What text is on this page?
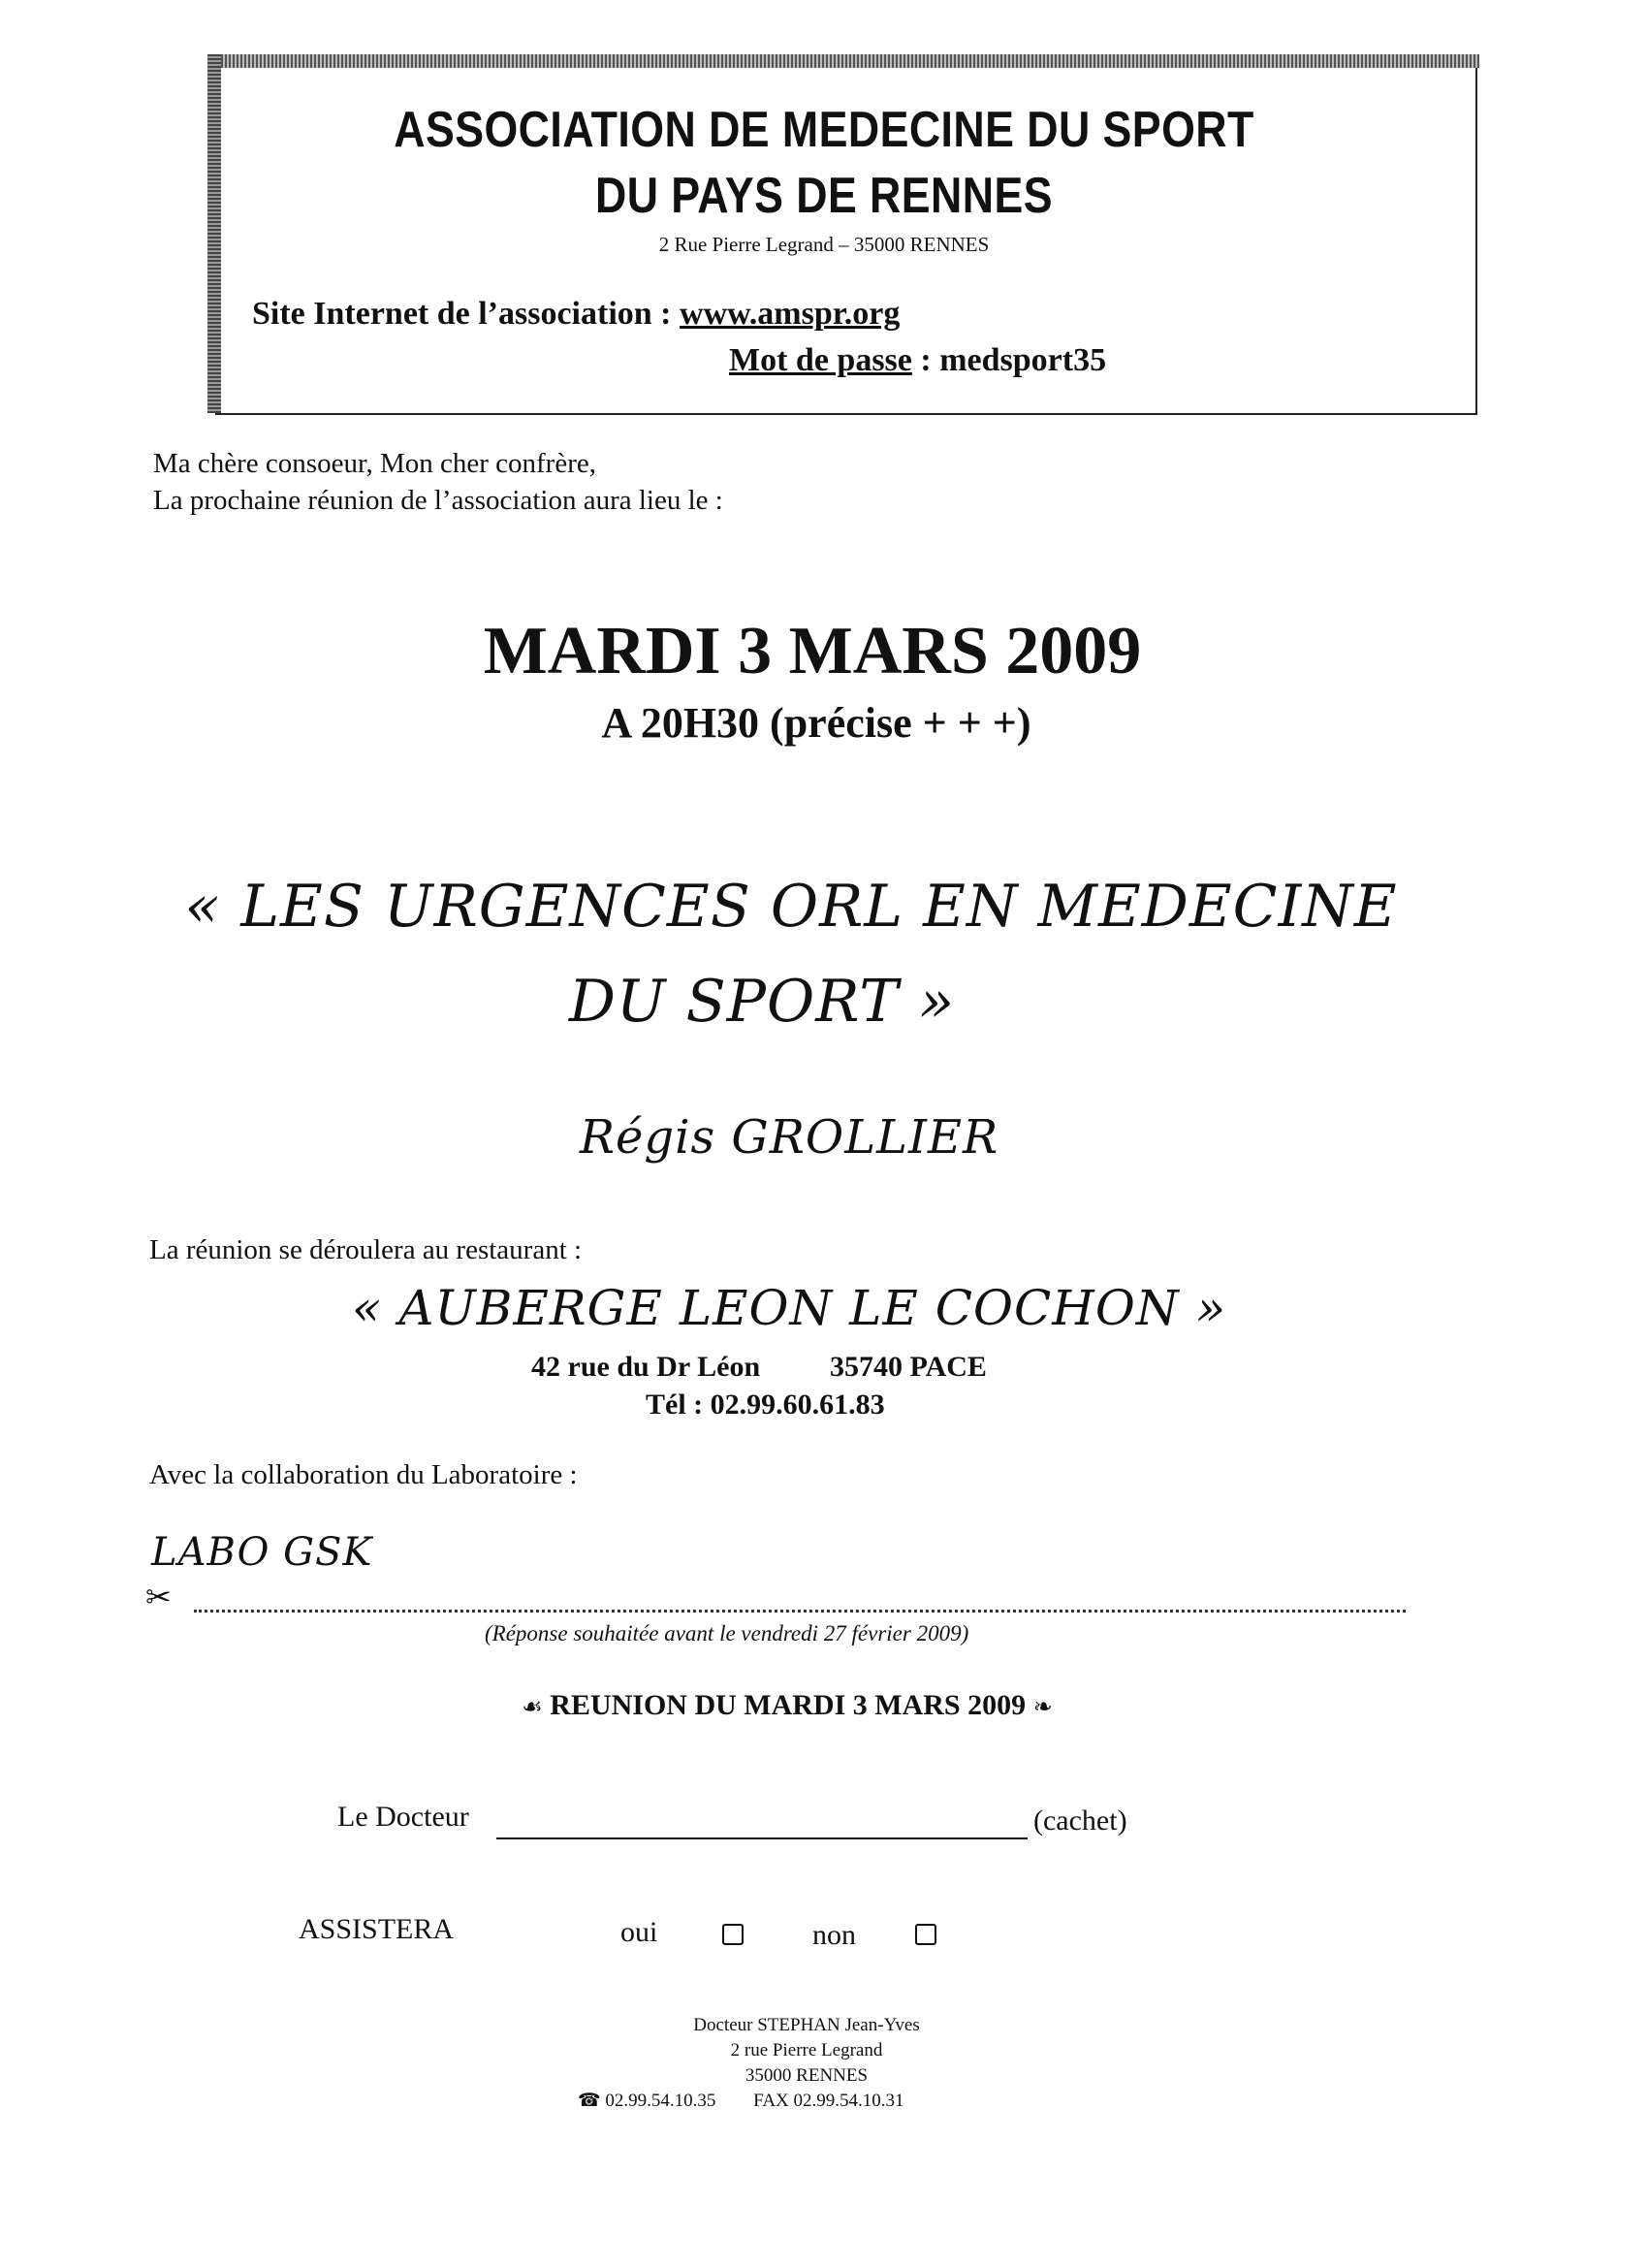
ASSOCIATION DE MEDECINE DU SPORT
DU PAYS DE RENNES
2 Rue Pierre Legrand – 35000 RENNES
Site Internet de l’association : www.amspr.org
Mot de passe : medsport35
Ma chère consoeur, Mon cher confrère,
La prochaine réunion de l’association aura lieu le :
MARDI 3 MARS 2009
A 20H30 (précise + + +)
« LES URGENCES ORL EN MEDECINE
DU SPORT »
Régis GROLLIER
La réunion se déroulera au restaurant :
« AUBERGE LEON LE COCHON »
42 rue du Dr Léon 35740 PACE
Tél : 02.99.60.61.83
Avec la collaboration du Laboratoire :
LABO GSK
✂
(Réponse souhaitée avant le vendredi 27 février 2009)
☙ REUNION DU MARDI 3 MARS 2009 ❧
Le Docteur	(cachet)
ASSISTERA	oui	non
Docteur STEPHAN Jean-Yves
2 rue Pierre Legrand
35000 RENNES
☎ 02.99.54.10.35 FAX 02.99.54.10.31
